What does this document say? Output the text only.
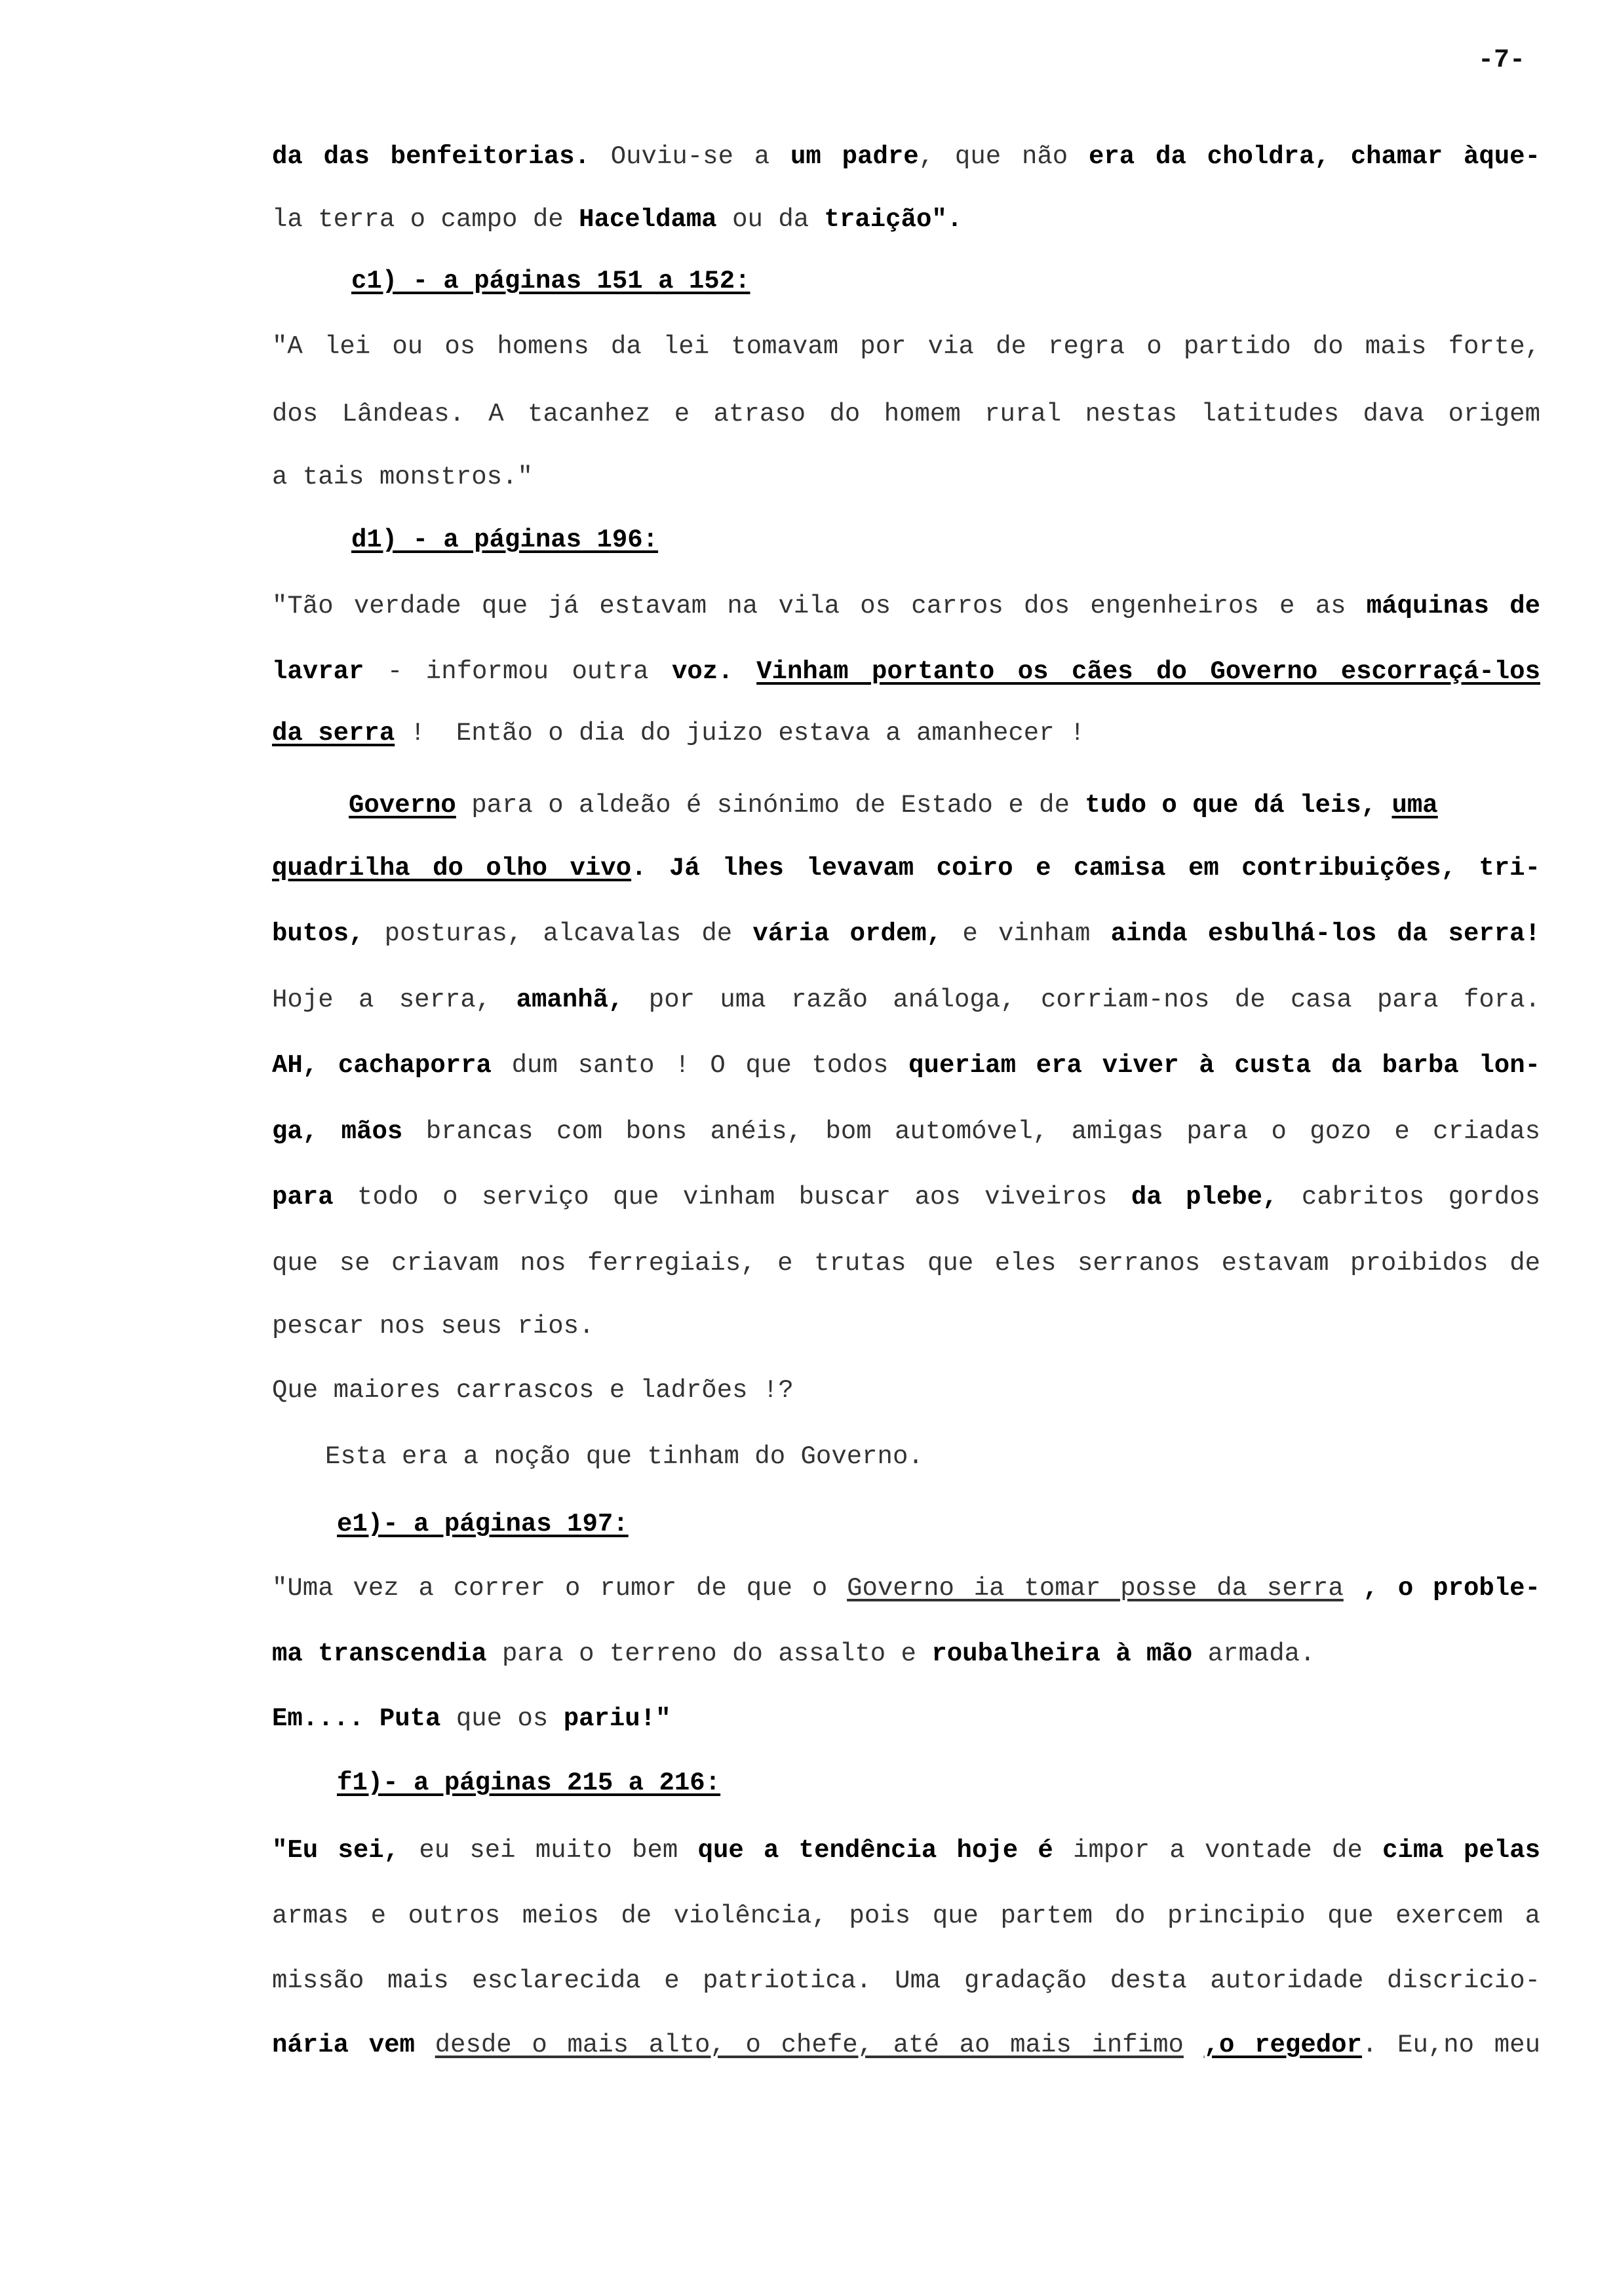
-7-
da das benfeitorias. Ouviu-se a um padre, que não era da choldra, chamar àque-
la terra o campo de Haceldama ou da traição".
c1) - a páginas 151 a 152:
"A lei ou os homens da lei tomavam por via de regra o partido do mais forte,
dos Lândeas. A tacanhez e atraso do homem rural nestas latitudes dava origem
a tais monstros."
d1) - a páginas 196:
"Tão verdade que já estavam na vila os carros dos engenheiros e as máquinas de
lavrar - informou outra voz. Vinham portanto os cães do Governo escorraçá-los
da serra !  Então o dia do juizo estava a amanhecer !
Governo para o aldeão é sinónimo de Estado e de tudo o que dá leis, uma
quadrilha do olho vivo. Já lhes levavam coiro e camisa em contribuições, tri-
butos, posturas, alcavalas de vária ordem, e vinham ainda esbulhá-los da serra!
Hoje a serra, amanhã, por uma razão análoga, corriam-nos de casa para fora.
AH, cachaporra dum santo ! O que todos queriam era viver à custa da barba lon-
ga, mãos brancas com bons anéis, bom automóvel, amigas para o gozo e criadas
para todo o serviço que vinham buscar aos viveiros da plebe, cabritos gordos
que se criavam nos ferregiais, e trutas que eles serranos estavam proibidos de
pescar nos seus rios.
Que maiores carrascos e ladrões !?
Esta era a noção que tinham do Governo.
e1)- a páginas 197:
"Uma vez a correr o rumor de que o Governo ia tomar posse da serra , o proble-
ma transcendia para o terreno do assalto e roubalheira à mão armada.
Em.... Puta que os pariu!"
f1)- a páginas 215 a 216:
"Eu sei, eu sei muito bem que a tendência hoje é impor a vontade de cima pelas
armas e outros meios de violência, pois que partem do principio que exercem a
missão mais esclarecida e patriotica. Uma gradação desta autoridade discricio-
nária vem desde o mais alto, o chefe, até ao mais infimo ,o regedor. Eu,no meu
